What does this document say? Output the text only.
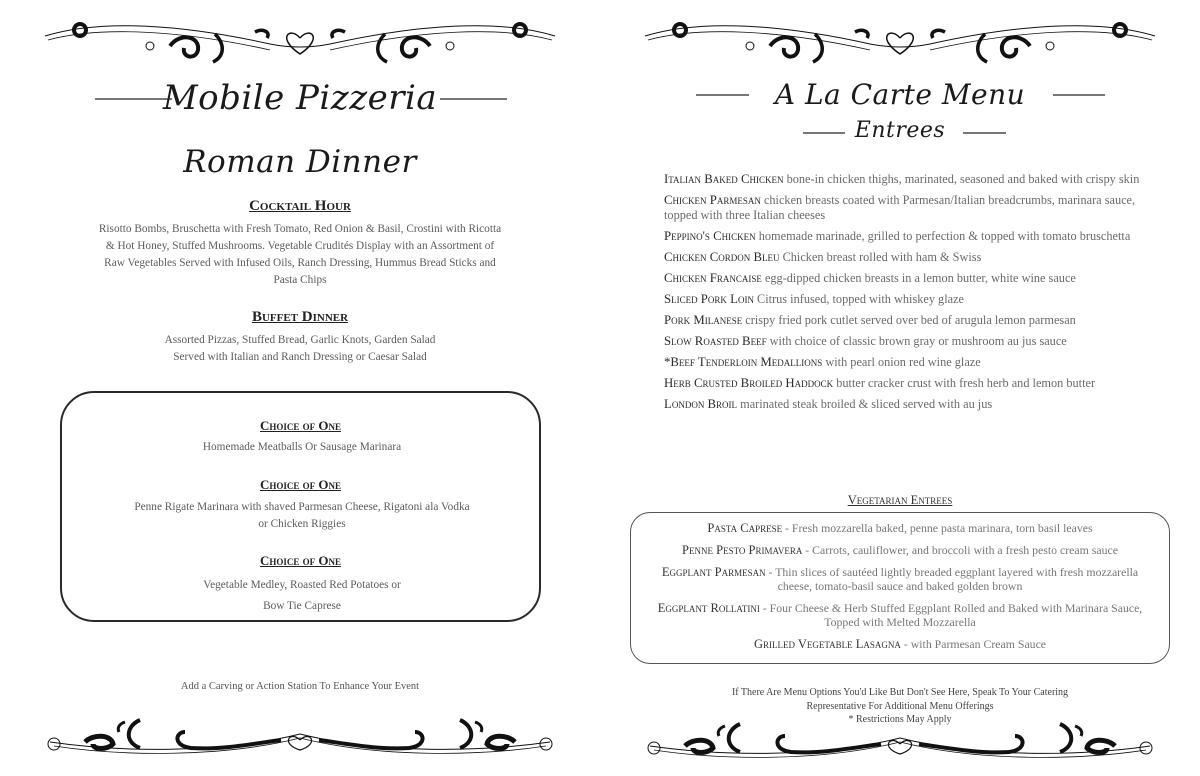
Mobile Pizzeria
Roman Dinner
Cocktail Hour
Risotto Bombs, Bruschetta with Fresh Tomato, Red Onion & Basil, Crostini with Ricotta & Hot Honey, Stuffed Mushrooms. Vegetable Crudités Display with an Assortment of Raw Vegetables Served with Infused Oils, Ranch Dressing, Hummus Bread Sticks and Pasta Chips
Buffet Dinner
Assorted Pizzas, Stuffed Bread, Garlic Knots, Garden Salad
Served with Italian and Ranch Dressing or Caesar Salad
Choice of One
Homemade Meatballs Or Sausage Marinara
Choice of One
Penne Rigate Marinara with shaved Parmesan Cheese, Rigatoni ala Vodka
or Chicken Riggies
Choice of One
Vegetable Medley, Roasted Red Potatoes or
Bow Tie Caprese
Add a Carving or Action Station To Enhance Your Event
A La Carte Menu
Entrees
Italian Baked Chicken bone-in chicken thighs, marinated, seasoned and baked with crispy skin
Chicken Parmesan chicken breasts coated with Parmesan/Italian breadcrumbs, marinara sauce, topped with three Italian cheeses
Peppino's Chicken homemade marinade, grilled to perfection & topped with tomato bruschetta
Chicken Cordon Bleu Chicken breast rolled with ham & Swiss
Chicken Francaise egg-dipped chicken breasts in a lemon butter, white wine sauce
Sliced Pork Loin Citrus infused, topped with whiskey glaze
Pork Milanese crispy fried pork cutlet served over bed of arugula lemon parmesan
Slow Roasted Beef with choice of classic brown gray or mushroom au jus sauce
*Beef Tenderloin Medallions with pearl onion red wine glaze
Herb Crusted Broiled Haddock butter cracker crust with fresh herb and lemon butter
London Broil marinated steak broiled & sliced served with au jus
Vegetarian Entrees
Pasta Caprese - Fresh mozzarella baked, penne pasta marinara, torn basil leaves
Penne Pesto Primavera - Carrots, cauliflower, and broccoli with a fresh pesto cream sauce
Eggplant Parmesan - Thin slices of sautéed lightly breaded eggplant layered with fresh mozzarella cheese, tomato-basil sauce and baked golden brown
Eggplant Rollatini - Four Cheese & Herb Stuffed Eggplant Rolled and Baked with Marinara Sauce, Topped with Melted Mozzarella
Grilled Vegetable Lasagna - with Parmesan Cream Sauce
If There Are Menu Options You'd Like But Don't See Here, Speak To Your Catering
Representative For Additional Menu Offerings
* Restrictions May Apply
